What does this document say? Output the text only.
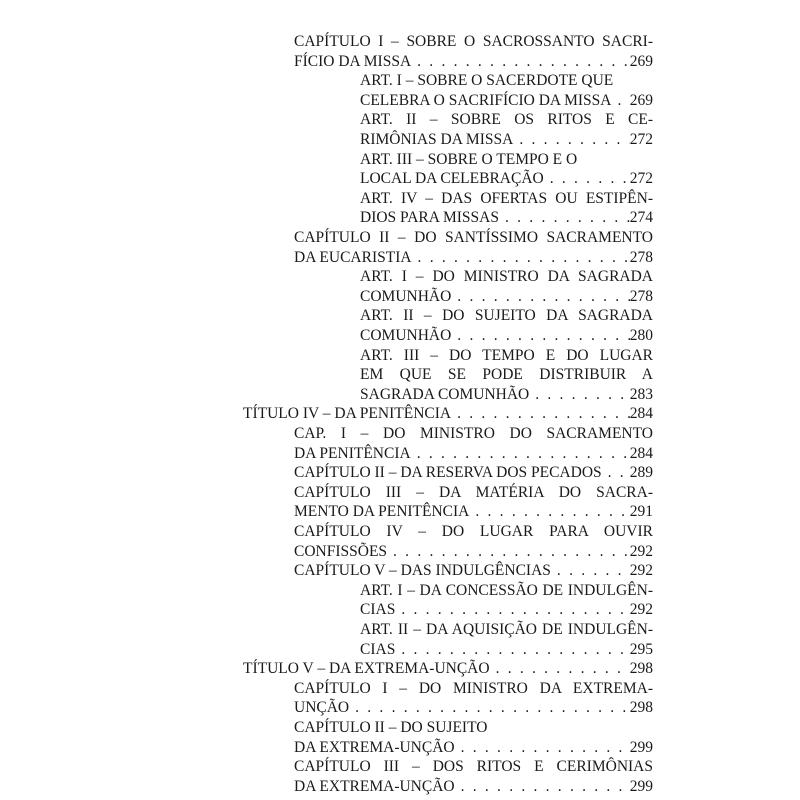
CAPÍTULO I – SOBRE O SACROSSANTO SACRI-
FÍCIO DA MISSA . . .	269
ART. I – SOBRE O SACERDOTE QUE
CELEBRA O SACRIFÍCIO DA MISSA . . . 269
ART. II – SOBRE OS RITOS E CE-
RIMÔNIAS DA MISSA . . .	272
ART. III – SOBRE O TEMPO E O
LOCAL DA CELEBRAÇÃO . . .	272
ART. IV – DAS OFERTAS OU ESTIPÊN-
DIOS PARA MISSAS . . .	274
CAPÍTULO II – DO SANTÍSSIMO SACRAMENTO
DA EUCARISTIA . . .	278
ART. I – DO MINISTRO DA SAGRADA
COMUNHÃO . . .	278
ART. II – DO SUJEITO DA SAGRADA
COMUNHÃO . . .	280
ART. III – DO TEMPO E DO LUGAR
EM QUE SE PODE DISTRIBUIR A
SAGRADA COMUNHÃO . . .	283
TÍTULO IV – DA PENITÊNCIA . . .	284
CAP. I – DO MINISTRO DO SACRAMENTO
DA PENITÊNCIA . . .	284
CAPÍTULO II – DA RESERVA DOS PECADOS . . . 289
CAPÍTULO III – DA MATÉRIA DO SACRA-
MENTO DA PENITÊNCIA . . .	291
CAPÍTULO IV – DO LUGAR PARA OUVIR
CONFISSÕES . . .	292
CAPÍTULO V – DAS INDULGÊNCIAS . . .	292
ART. I – DA CONCESSÃO DE INDULGÊN-
CIAS . . .	292
ART. II – DA AQUISIÇÃO DE INDULGÊN-
CIAS . . .	295
TÍTULO V – DA EXTREMA-UNÇÃO . . .	298
CAPÍTULO I – DO MINISTRO DA EXTREMA-
UNÇÃO . . .	298
CAPÍTULO II – DO SUJEITO
DA EXTREMA-UNÇÃO . . .	299
CAPÍTULO III – DOS RITOS E CERIMÔNIAS
DA EXTREMA-UNÇÃO . . .	299
